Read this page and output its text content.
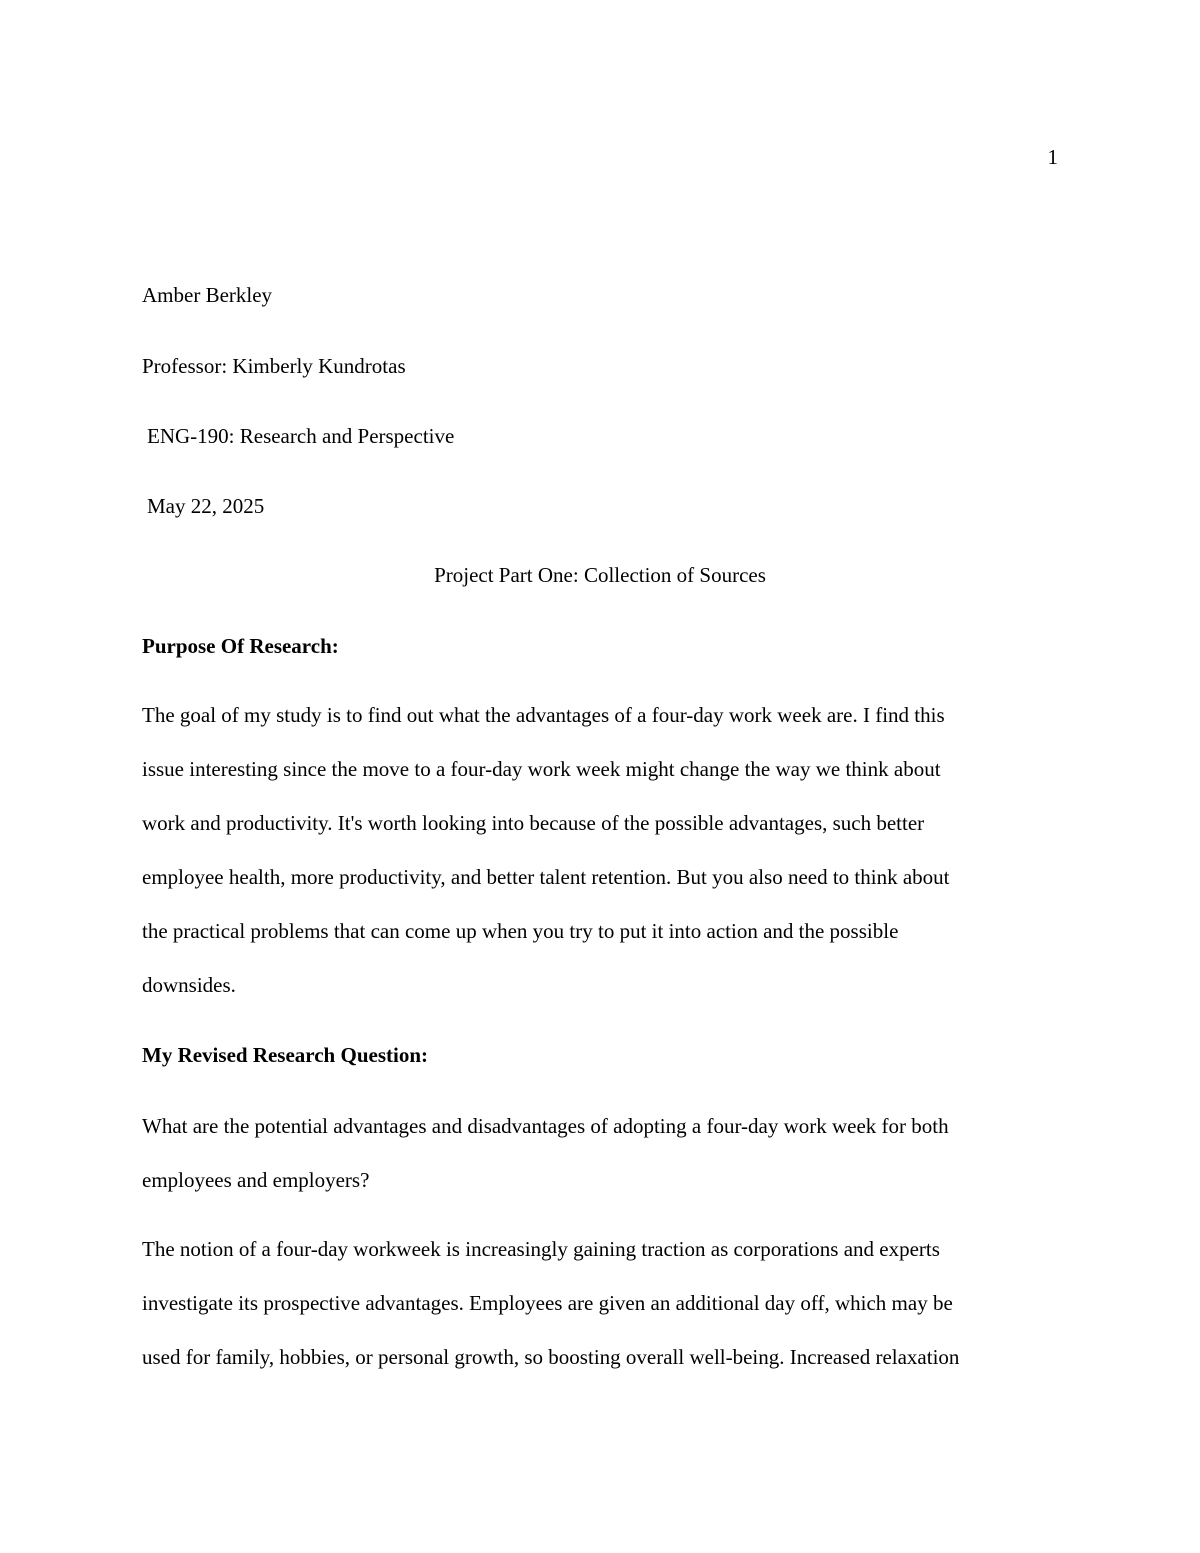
1
Amber Berkley
Professor: Kimberly Kundrotas
ENG-190: Research and Perspective
May 22, 2025
Project Part One: Collection of Sources
Purpose Of Research:
The goal of my study is to find out what the advantages of a four-day work week are. I find this
issue interesting since the move to a four-day work week might change the way we think about
work and productivity. It's worth looking into because of the possible advantages, such better
employee health, more productivity, and better talent retention. But you also need to think about
the practical problems that can come up when you try to put it into action and the possible
downsides.
My Revised Research Question:
What are the potential advantages and disadvantages of adopting a four-day work week for both
employees and employers?
The notion of a four-day workweek is increasingly gaining traction as corporations and experts
investigate its prospective advantages. Employees are given an additional day off, which may be
used for family, hobbies, or personal growth, so boosting overall well-being. Increased relaxation
